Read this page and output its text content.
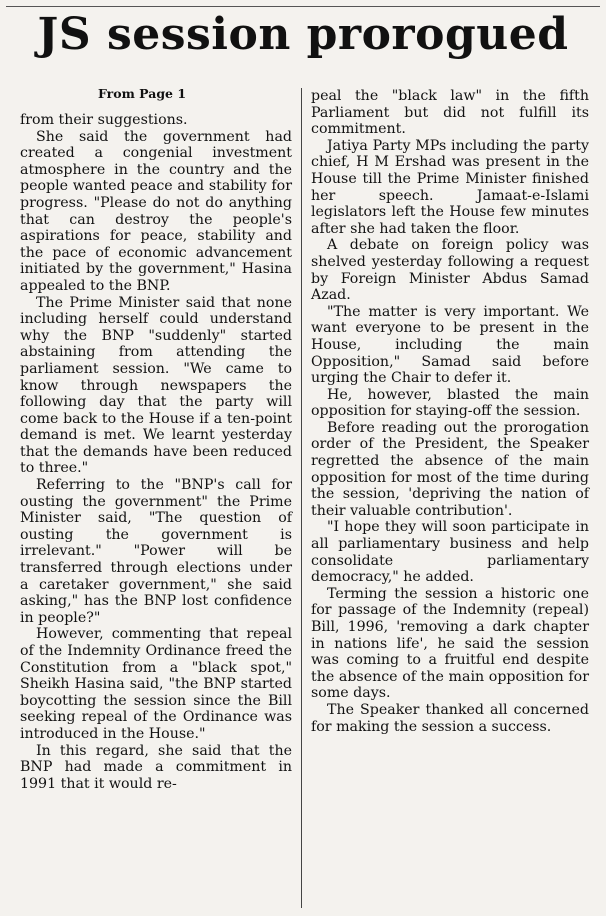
JS session prorogued
From Page 1

from their suggestions.

She said the government had created a congenial investment atmosphere in the country and the people wanted peace and stability for progress. "Please do not do anything that can destroy the people's aspirations for peace, stability and the pace of economic advancement initiated by the government," Hasina appealed to the BNP.

The Prime Minister said that none including herself could understand why the BNP "suddenly" started abstaining from attending the parliament session. "We came to know through newspapers the following day that the party will come back to the House if a ten-point demand is met. We learnt yesterday that the demands have been reduced to three."

Referring to the "BNP's call for ousting the government" the Prime Minister said, "The question of ousting the government is irrelevant." "Power will be transferred through elections under a caretaker government," she said asking," has the BNP lost confidence in people?"

However, commenting that repeal of the Indemnity Ordinance freed the Constitution from a "black spot," Sheikh Hasina said, "the BNP started boycotting the session since the Bill seeking repeal of the Ordinance was introduced in the House."

In this regard, she said that the BNP had made a commitment in 1991 that it would re-

peal the "black law" in the fifth Parliament but did not fulfill its commitment.

Jatiya Party MPs including the party chief, H M Ershad was present in the House till the Prime Minister finished her speech. Jamaat-e-Islami legislators left the House few minutes after she had taken the floor.

A debate on foreign policy was shelved yesterday following a request by Foreign Minister Abdus Samad Azad.

"The matter is very important. We want everyone to be present in the House, including the main Opposition," Samad said before urging the Chair to defer it.

He, however, blasted the main opposition for staying-off the session.

Before reading out the prorogation order of the President, the Speaker regretted the absence of the main opposition for most of the time during the session, 'depriving the nation of their valuable contribution'.

"I hope they will soon participate in all parliamentary business and help consolidate parliamentary democracy," he added.

Terming the session a historic one for passage of the Indemnity (repeal) Bill, 1996, 'removing a dark chapter in nations life', he said the session was coming to a fruitful end despite the absence of the main opposition for some days.

The Speaker thanked all concerned for making the session a success.
